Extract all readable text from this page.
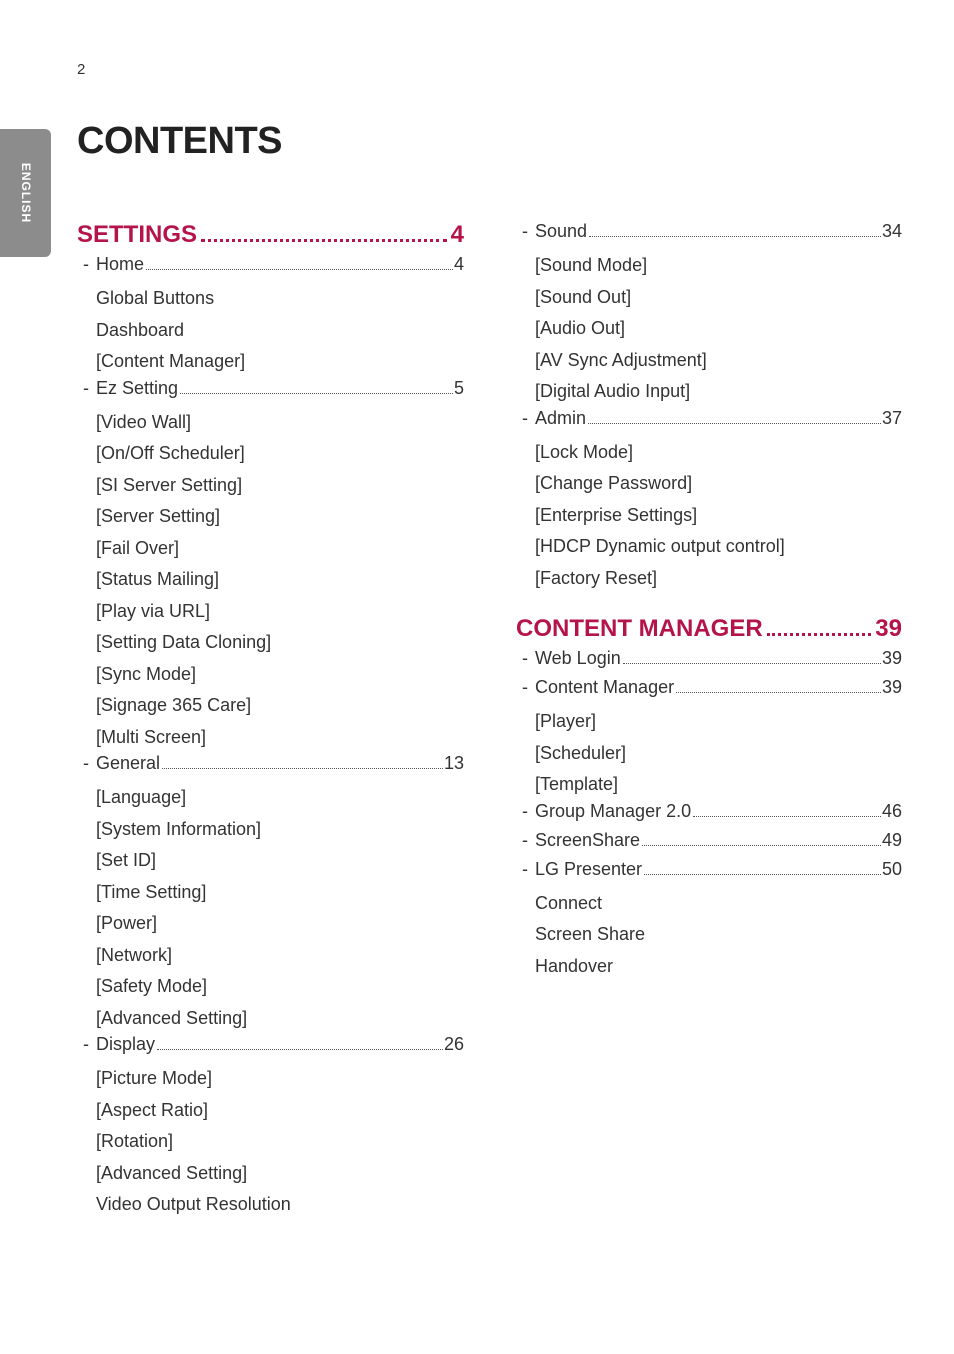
2
ENGLISH
CONTENTS
SETTINGS	4
- Home	4
Global Buttons
Dashboard
[Content Manager]
- Ez Setting	5
[Video Wall]
[On/Off Scheduler]
[SI Server Setting]
[Server Setting]
[Fail Over]
[Status Mailing]
[Play via URL]
[Setting Data Cloning]
[Sync Mode]
[Signage 365 Care]
[Multi Screen]
- General	13
[Language]
[System Information]
[Set ID]
[Time Setting]
[Power]
[Network]
[Safety Mode]
[Advanced Setting]
- Display	26
[Picture Mode]
[Aspect Ratio]
[Rotation]
[Advanced Setting]
Video Output Resolution
- Sound	34
[Sound Mode]
[Sound Out]
[Audio Out]
[AV Sync Adjustment]
[Digital Audio Input]
- Admin	37
[Lock Mode]
[Change Password]
[Enterprise Settings]
[HDCP Dynamic output control]
[Factory Reset]
CONTENT MANAGER	39
- Web Login	39
- Content Manager	39
[Player]
[Scheduler]
[Template]
- Group Manager 2.0	46
- ScreenShare	49
- LG Presenter	50
Connect
Screen Share
Handover
